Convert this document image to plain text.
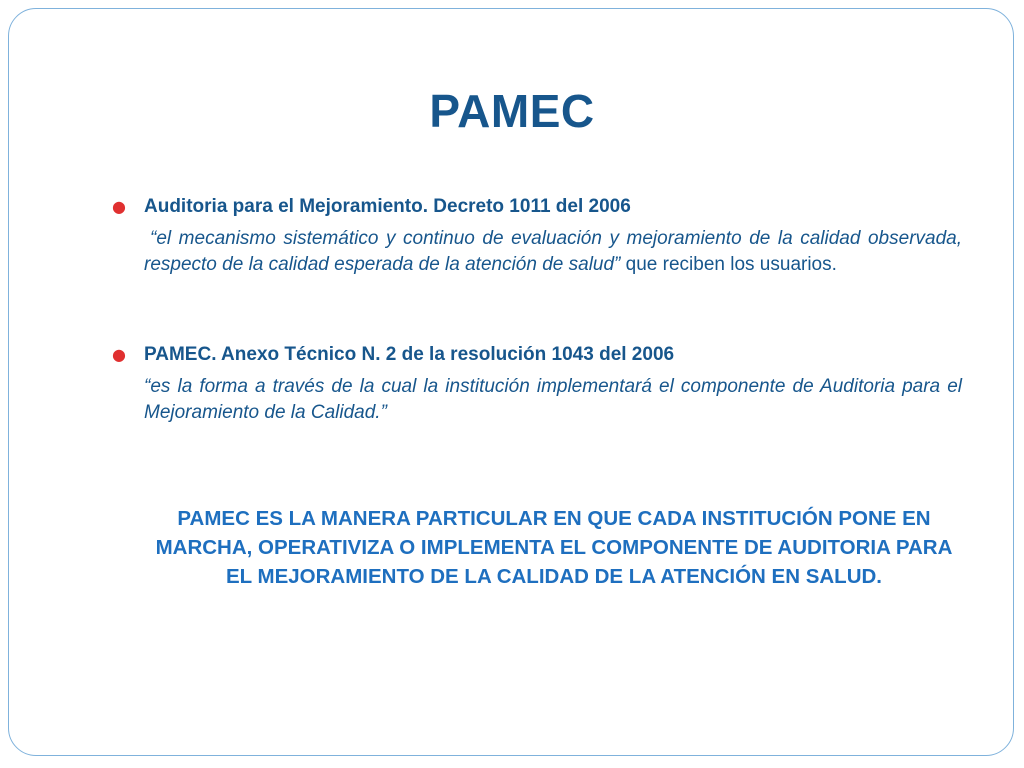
PAMEC
● Auditoria para el Mejoramiento. Decreto 1011 del 2006
“el mecanismo sistemático y continuo de evaluación y mejoramiento de la calidad observada, respecto de la calidad esperada de la atención de salud” que reciben los usuarios.
● PAMEC. Anexo Técnico N. 2 de la resolución 1043 del 2006
“es la forma a través de la cual la institución implementará el componente de Auditoria para el Mejoramiento de la Calidad.”
PAMEC ES LA MANERA PARTICULAR EN QUE CADA INSTITUCIÓN PONE EN MARCHA, OPERATIVIZA O IMPLEMENTA EL COMPONENTE DE AUDITORIA PARA EL MEJORAMIENTO DE LA CALIDAD DE LA ATENCIÓN EN SALUD.
